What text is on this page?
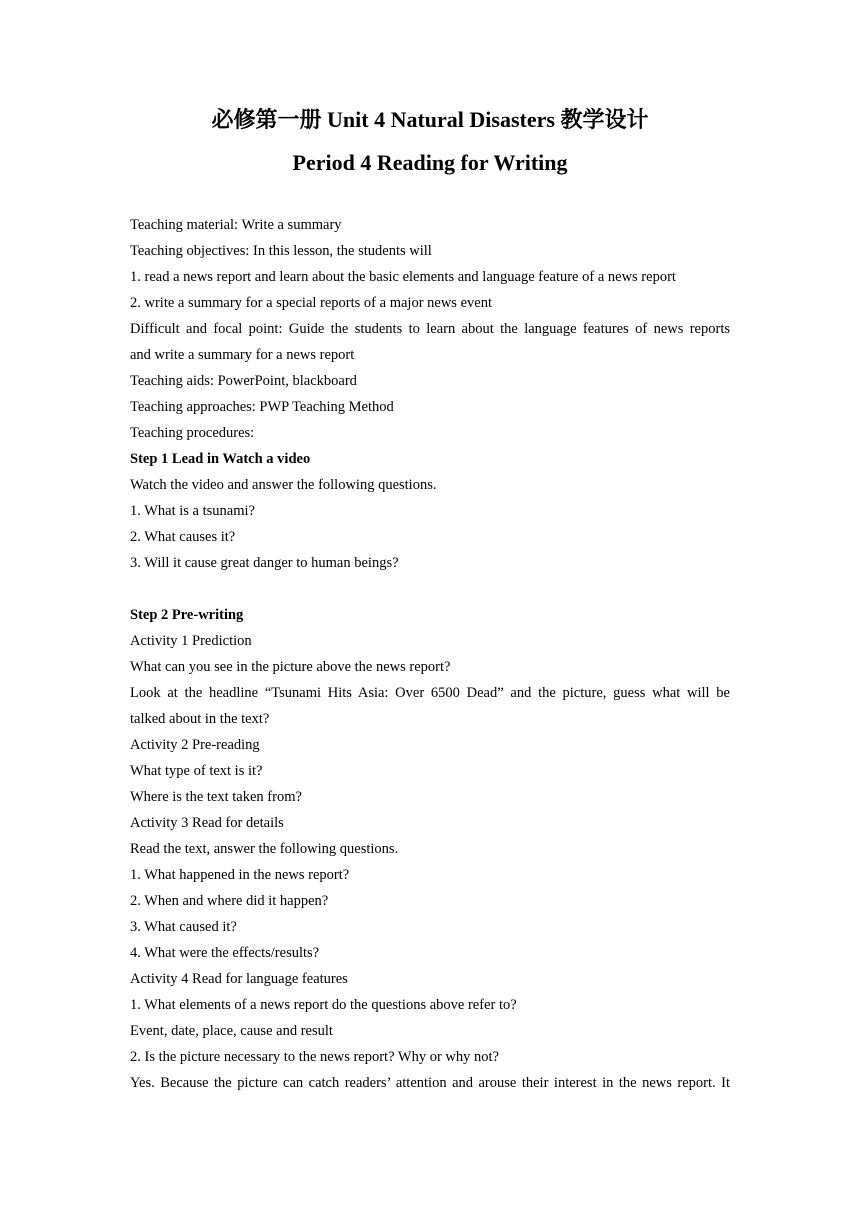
必修第一册 Unit 4 Natural Disasters 教学设计
Period 4 Reading for Writing

Teaching material: Write a summary

Teaching objectives: In this lesson, the students will

1. read a news report and learn about the basic elements and language feature of a news report

2. write a summary for a special reports of a major news event

Difficult and focal point: Guide the students to learn about the language features of news reports

and write a summary for a news report

Teaching aids: PowerPoint, blackboard

Teaching approaches: PWP Teaching Method

Teaching procedures:

Step 1 Lead in Watch a video

Watch the video and answer the following questions.

1. What is a tsunami?

2. What causes it?

3. Will it cause great danger to human beings?

Step 2 Pre-writing

Activity 1 Prediction

What can you see in the picture above the news report?

Look at the headline “Tsunami Hits Asia: Over 6500 Dead” and the picture, guess what will be

talked about in the text?

Activity 2 Pre-reading

What type of text is it?

Where is the text taken from?

Activity 3 Read for details

Read the text, answer the following questions.

1. What happened in the news report?

2. When and where did it happen?

3. What caused it?

4. What were the effects/results?

Activity 4 Read for language features

1. What elements of a news report do the questions above refer to?

Event, date, place, cause and result

2. Is the picture necessary to the news report? Why or why not?

Yes. Because the picture can catch readers’ attention and arouse their interest in the news report. It
